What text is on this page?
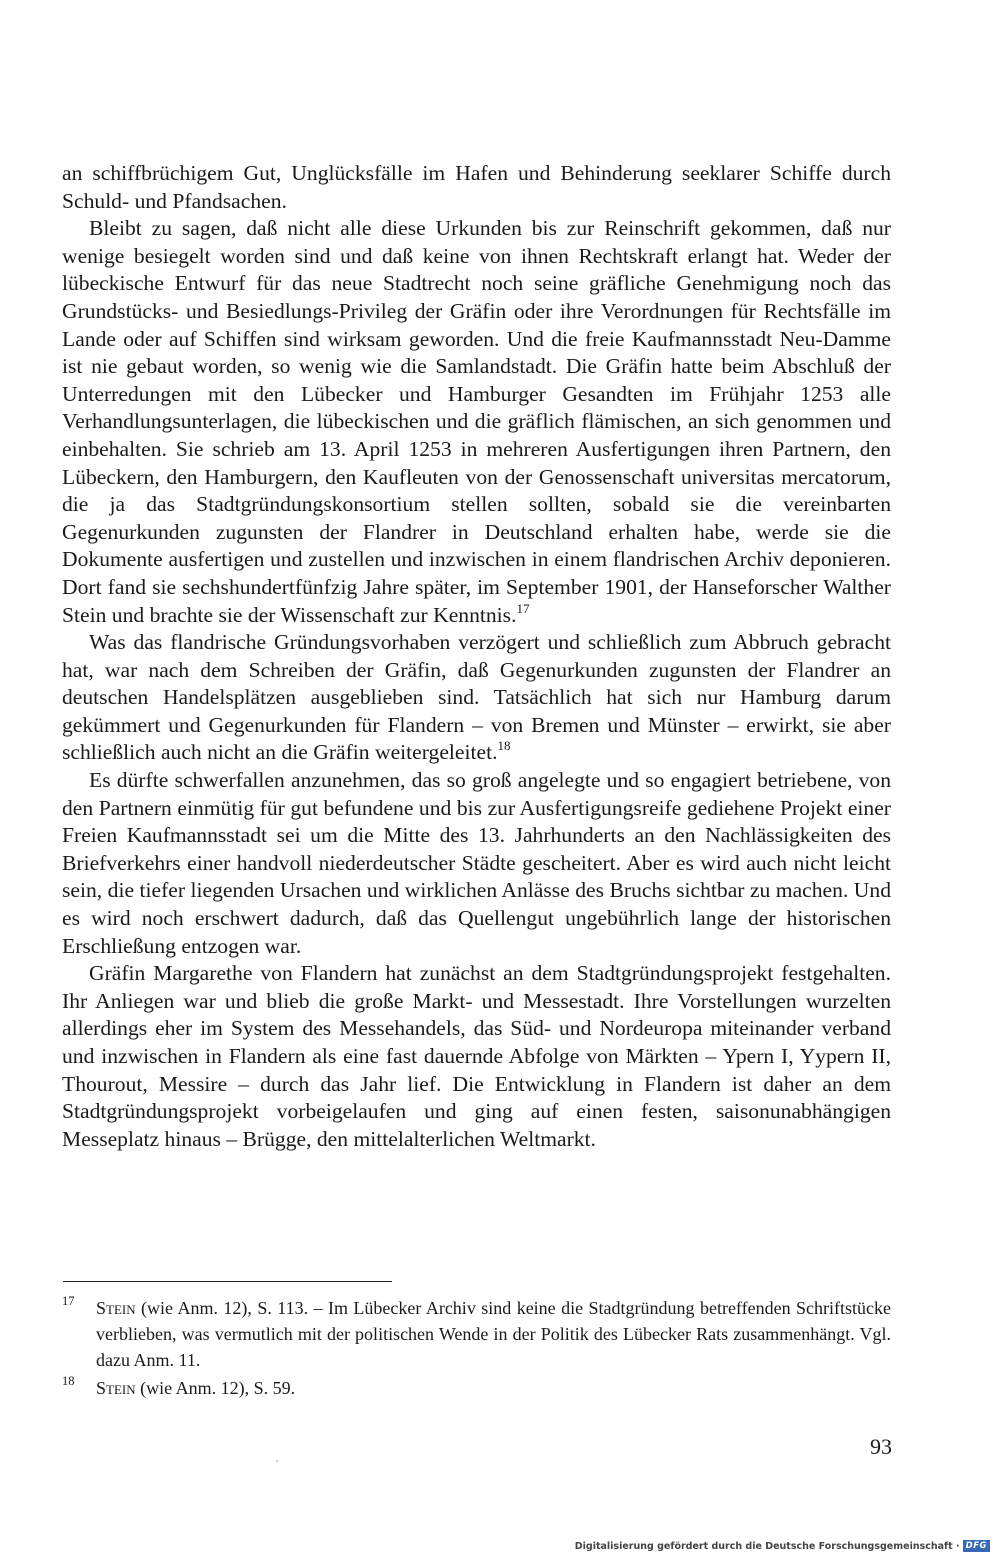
an schiffbrüchigem Gut, Unglücksfälle im Hafen und Behinderung seeklarer Schiffe durch Schuld- und Pfandsachen.

Bleibt zu sagen, daß nicht alle diese Urkunden bis zur Reinschrift gekommen, daß nur wenige besiegelt worden sind und daß keine von ihnen Rechtskraft erlangt hat. Weder der lübeckische Entwurf für das neue Stadtrecht noch seine gräfliche Genehmigung noch das Grundstücks- und Besiedlungs-Privileg der Gräfin oder ihre Verordnungen für Rechtsfälle im Lande oder auf Schiffen sind wirksam geworden. Und die freie Kaufmannsstadt Neu-Damme ist nie gebaut worden, so wenig wie die Samlandstadt. Die Gräfin hatte beim Abschluß der Unterredungen mit den Lübecker und Hamburger Gesandten im Frühjahr 1253 alle Verhandlungsunterlagen, die lübeckischen und die gräflich flämischen, an sich genommen und einbehalten. Sie schrieb am 13. April 1253 in mehreren Ausfertigungen ihren Partnern, den Lübeckern, den Hamburgern, den Kaufleuten von der Genossenschaft universitas mercatorum, die ja das Stadtgründungskonsortium stellen sollten, sobald sie die vereinbarten Gegenurkunden zugunsten der Flandrer in Deutschland erhalten habe, werde sie die Dokumente ausfertigen und zustellen und inzwischen in einem flandrischen Archiv deponieren. Dort fand sie sechshundertfünfzig Jahre später, im September 1901, der Hanseforscher Walther Stein und brachte sie der Wissenschaft zur Kenntnis.$^{17}$

Was das flandrische Gründungsvorhaben verzögert und schließlich zum Abbruch gebracht hat, war nach dem Schreiben der Gräfin, daß Gegenurkunden zugunsten der Flandrer an deutschen Handelsplätzen ausgeblieben sind. Tatsächlich hat sich nur Hamburg darum gekümmert und Gegenurkunden für Flandern – von Bremen und Münster – erwirkt, sie aber schließlich auch nicht an die Gräfin weitergeleitet.$^{18}$

Es dürfte schwerfallen anzunehmen, das so groß angelegte und so engagiert betriebene, von den Partnern einmütig für gut befundene und bis zur Ausfertigungsreife gediehene Projekt einer Freien Kaufmannsstadt sei um die Mitte des 13. Jahrhunderts an den Nachlässigkeiten des Briefverkehrs einer handvoll niederdeutscher Städte gescheitert. Aber es wird auch nicht leicht sein, die tiefer liegenden Ursachen und wirklichen Anlässe des Bruchs sichtbar zu machen. Und es wird noch erschwert dadurch, daß das Quellengut ungebührlich lange der historischen Erschließung entzogen war.

Gräfin Margarethe von Flandern hat zunächst an dem Stadtgründungsprojekt festgehalten. Ihr Anliegen war und blieb die große Markt- und Messestadt. Ihre Vorstellungen wurzelten allerdings eher im System des Messehandels, das Süd- und Nordeuropa miteinander verband und inzwischen in Flandern als eine fast dauernde Abfolge von Märkten – Ypern I, Yypern II, Thourout, Messire – durch das Jahr lief. Die Entwicklung in Flandern ist daher an dem Stadtgründungsprojekt vorbeigelaufen und ging auf einen festen, saisonunabhängigen Messeplatz hinaus – Brügge, den mittelalterlichen Weltmarkt.

17 Stein (wie Anm. 12), S. 113. – Im Lübecker Archiv sind keine die Stadtgründung betreffenden Schriftstücke verblieben, was vermutlich mit der politischen Wende in der Politik des Lübecker Rats zusammenhängt. Vgl. dazu Anm. 11.
18 Stein (wie Anm. 12), S. 59.
93
Digitalisierung gefördert durch die Deutsche Forschungsgemeinschaft · DFG
